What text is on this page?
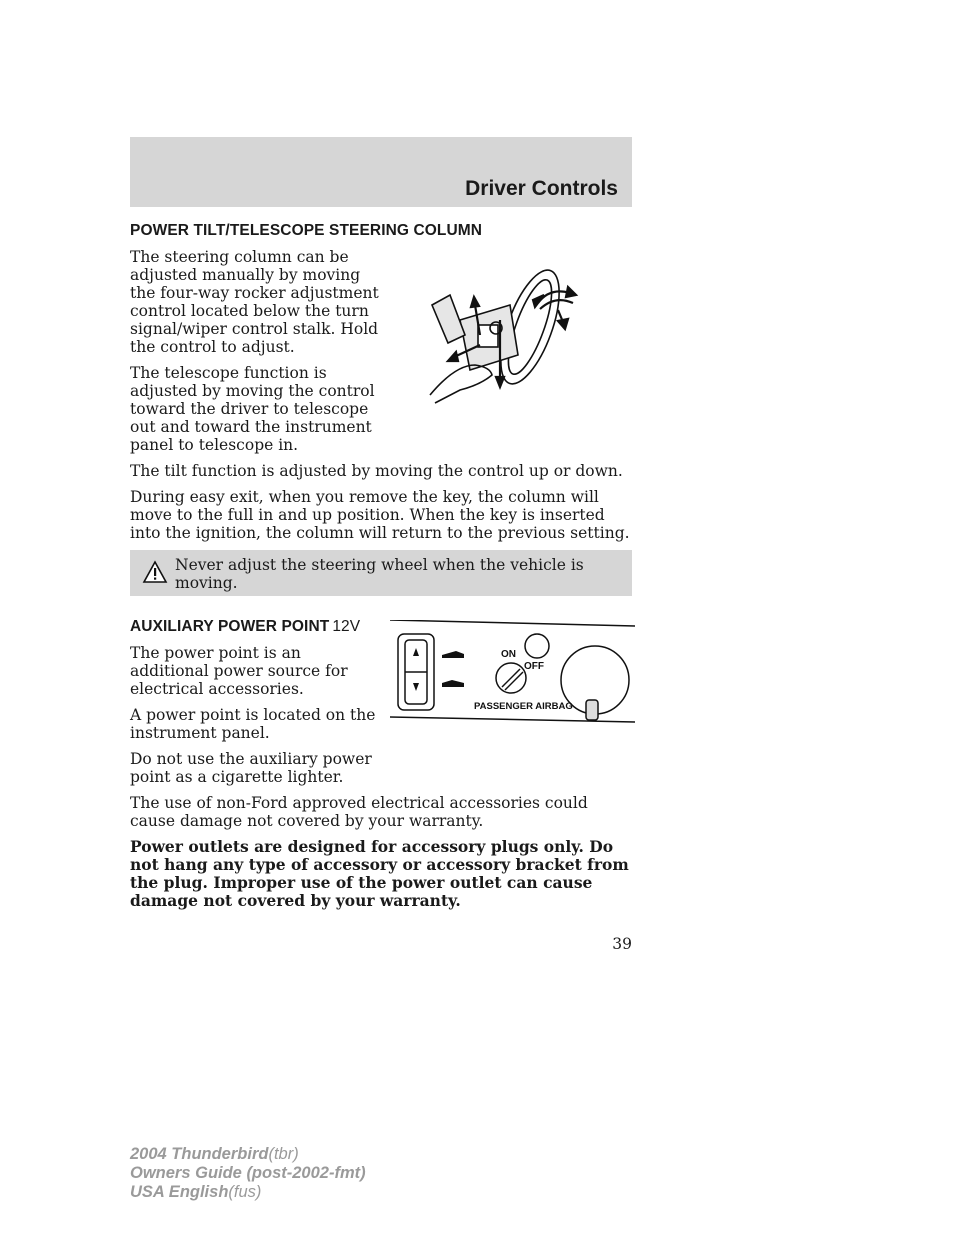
Driver Controls
ON
OFF
PASSENGER AIRBAG
POWER TILT/TELESCOPE STEERING COLUMN

The steering column can be adjusted manually by moving the four-way rocker adjustment control located below the turn signal/wiper control stalk. Hold the control to adjust.

The telescope function is adjusted by moving the control toward the driver to telescope out and toward the instrument panel to telescope in.

The tilt function is adjusted by moving the control up or down.

During easy exit, when you remove the key, the column will move to the full in and up position. When the key is inserted into the ignition, the column will return to the previous setting.

Never adjust the steering wheel when the vehicle is moving.

AUXILIARY POWER POINT 12V

The power point is an additional power source for electrical accessories.

A power point is located on the instrument panel.

Do not use the auxiliary power point as a cigarette lighter.

The use of non-Ford approved electrical accessories could cause damage not covered by your warranty.

Power outlets are designed for accessory plugs only. Do not hang any type of accessory or accessory bracket from the plug. Improper use of the power outlet can cause damage not covered by your warranty.

39
2004 Thunderbird(tbr)
Owners Guide (post-2002-fmt)
USA English(fus)
